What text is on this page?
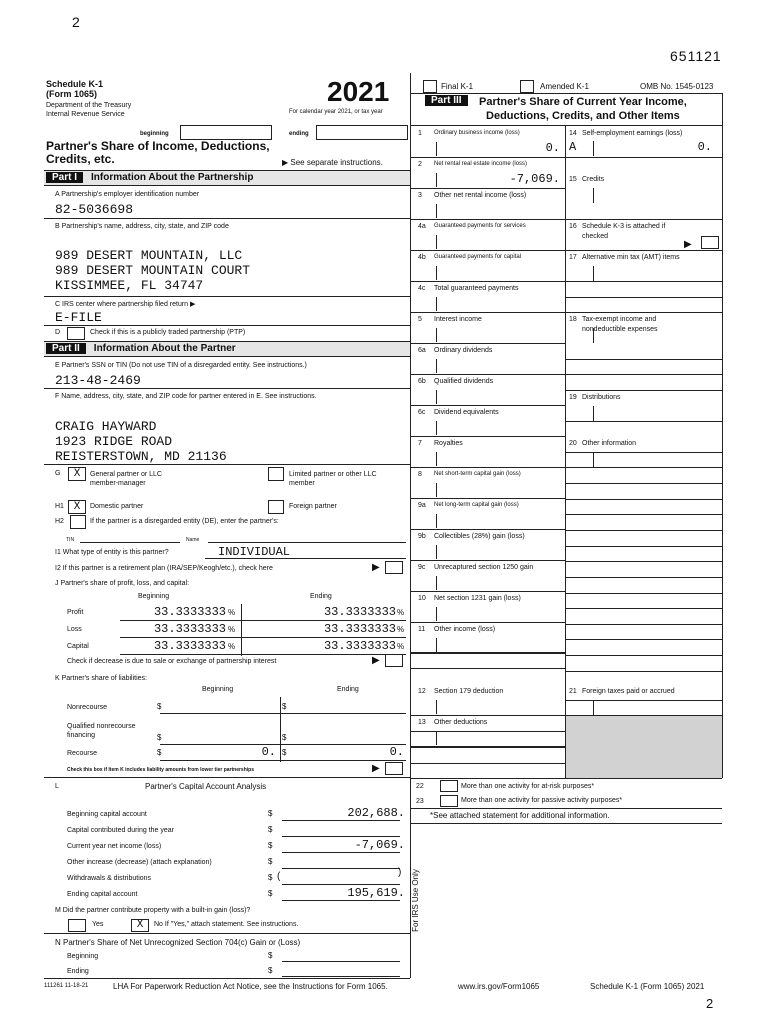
2
651121
Schedule K-1
(Form 1065)
Department of the Treasury
Internal Revenue Service
2021
For calendar year 2021, or tax year
beginning	ending
Partner's Share of Income, Deductions,
Credits, etc.	▶ See separate instructions.
Final K-1	Amended K-1	OMB No. 1545-0123
Part I Information About the Partnership
A Partnership's employer identification number
82-5036698
B Partnership's name, address, city, state, and ZIP code
989 DESERT MOUNTAIN, LLC
989 DESERT MOUNTAIN COURT
KISSIMMEE, FL 34747
C IRS center where partnership filed return ▶
E-FILE
D	Check if this is a publicly traded partnership (PTP)
Part II Information About the Partner
E Partner's SSN or TIN (Do not use TIN of a disregarded entity. See instructions.)
213-48-2469
F Name, address, city, state, and ZIP code for partner entered in E. See instructions.
CRAIG HAYWARD
1923 RIDGE ROAD
REISTERSTOWN, MD 21136
G	X	General partner or LLC
member-manager
Limited partner or other LLC
member
H1 X	Domestic partner	Foreign partner
H2	If the partner is a disregarded entity (DE), enter the partner's:
TIN	Name
I1 What type of entity is this partner?	INDIVIDUAL
I2 If this partner is a retirement plan (IRA/SEP/Keogh/etc.), check here	▶
J Partner's share of profit, loss, and capital:
Beginning	Ending
Profit	33.3333333 %	33.3333333 %
Loss	33.3333333 %	33.3333333 %
Capital	33.3333333 %	33.3333333 %
Check if decrease is due to sale or exchange of partnership interest	▶
K Partner's share of liabilities:
Beginning	Ending
Nonrecourse	$	$
Qualified nonrecourse
financing	$	$
Recourse	$	0. $	0.
Check this box if Item K includes liability amounts from lower tier partnerships	▶
L	Partner's Capital Account Analysis
Beginning capital account	$	202,688.
Capital contributed during the year	$
Current year net income (loss)	$	-7,069.
Other increase (decrease) (attach explanation)	$
Withdrawals & distributions	$ (
Ending capital account	$	195,619.
)
M Did the partner contribute property with a built-in gain (loss)?
Yes	X	No If "Yes," attach statement. See instructions.
N Partner's Share of Net Unrecognized Section 704(c) Gain or (Loss)
Beginning	$
Ending	$
Part III	Partner's Share of Current Year Income,
Deductions, Credits, and Other Items
1 Ordinary business income (loss)
0.
2 Net rental real estate income (loss)
-7,069.
3 Other net rental income (loss)
4a Guaranteed payments for services
4b Guaranteed payments for capital
4c Total guaranteed payments
5 Interest income
6a Ordinary dividends
6b Qualified dividends
6c Dividend equivalents
7 Royalties
8 Net short-term capital gain (loss)
9a Net long-term capital gain (loss)
9b Collectibles (28%) gain (loss)
9c Unrecaptured section 1250 gain
10 Net section 1231 gain (loss)
11 Other income (loss)
12 Section 179 deduction
13 Other deductions
14 Self-employment earnings (loss)
A	0.
15 Credits
16 Schedule K-3 is attached if
checked
17 Alternative min tax (AMT) items
18 Tax-exempt income and
nondeductible expenses
19 Distributions
20 Other information
21 Foreign taxes paid or accrued
▶
22	More than one activity for at-risk purposes*
23	More than one activity for passive activity purposes*
*See attached statement for additional information.
For IRS Use Only
111261 11-18-21	LHA For Paperwork Reduction Act Notice, see the Instructions for Form 1065.	www.irs.gov/Form1065	Schedule K-1 (Form 1065) 2021
2
